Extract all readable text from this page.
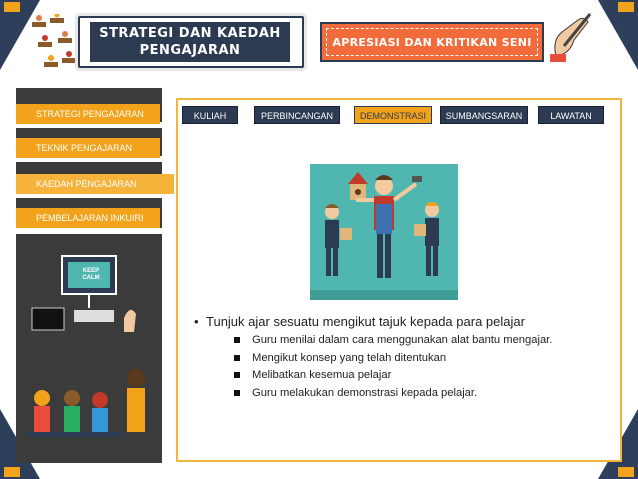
STRATEGI DAN KAEDAH
PENGAJARAN
APRESIASI DAN KRITIKAN SENI
STRATEGI PENGAJARAN
TEKNIK PENGAJARAN
KAEDAH PENGAJARAN
PEMBELAJARAN INKUIRI
KEEP CALM
KULIAH	PERBINCANGAN	DEMONSTRASI	SUMBANGSARAN	LAWATAN

• Tunjuk ajar sesuatu mengikut tajuk kepada para pelajar

Guru menilai dalam cara menggunakan alat bantu mengajar.
Mengikut konsep yang telah ditentukan
Melibatkan kesemua pelajar
Guru melakukan demonstrasi kepada pelajar.
